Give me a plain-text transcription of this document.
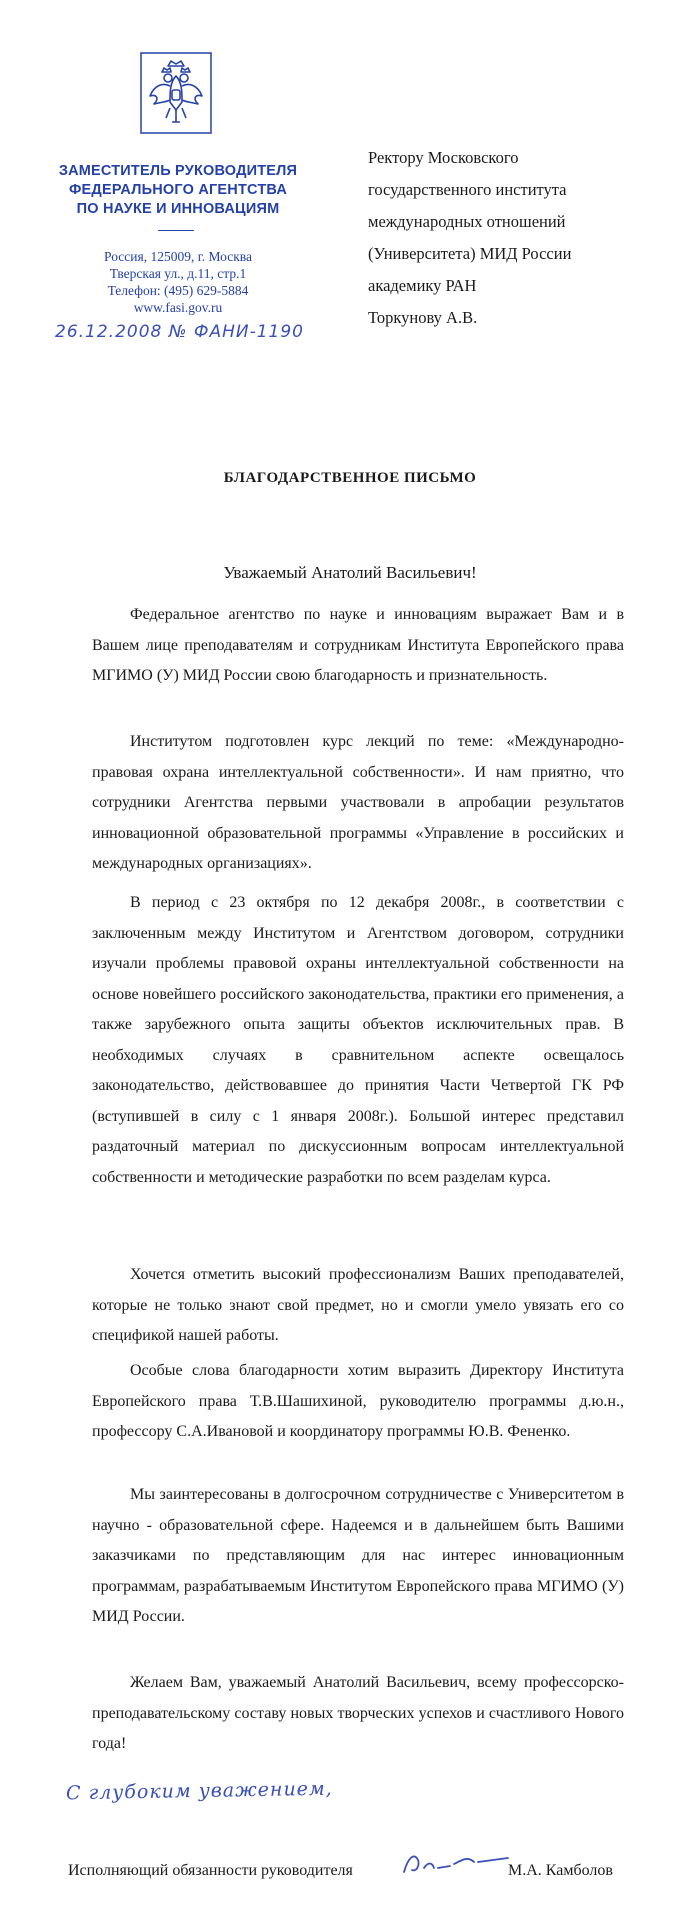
ЗАМЕСТИТЕЛЬ РУКОВОДИТЕЛЯ
ФЕДЕРАЛЬНОГО АГЕНТСТВА
ПО НАУКЕ И ИННОВАЦИЯМ
Россия, 125009, г. Москва
Тверская ул., д.11, стр.1
Телефон: (495) 629-5884
www.fasi.gov.ru
26.12.2008 № ФАНИ-1190
Ректору Московского
государственного института
международных отношений
(Университета) МИД России
академику РАН
Торкунову А.В.
БЛАГОДАРСТВЕННОЕ ПИСЬМО
Уважаемый Анатолий Васильевич!

Федеральное агентство по науке и инновациям выражает Вам и в Вашем лице преподавателям и сотрудникам Института Европейского права МГИМО (У) МИД России свою благодарность и признательность.

Институтом подготовлен курс лекций по теме: «Международно-правовая охрана интеллектуальной собственности». И нам приятно, что сотрудники Агентства первыми участвовали в апробации результатов инновационной образовательной программы «Управление в российских и международных организациях».

В период с 23 октября по 12 декабря 2008г., в соответствии с заключенным между Институтом и Агентством договором, сотрудники изучали проблемы правовой охраны интеллектуальной собственности на основе новейшего российского законодательства, практики его применения, а также зарубежного опыта защиты объектов исключительных прав. В необходимых случаях в сравнительном аспекте освещалось законодательство, действовавшее до принятия Части Четвертой ГК РФ (вступившей в силу с 1 января 2008г.). Большой интерес представил раздаточный материал по дискуссионным вопросам интеллектуальной собственности и методические разработки по всем разделам курса.

Хочется отметить высокий профессионализм Ваших преподавателей, которые не только знают свой предмет, но и смогли умело увязать его со спецификой нашей работы.

Особые слова благодарности хотим выразить Директору Института Европейского права Т.В.Шашихиной, руководителю программы д.ю.н., профессору С.А.Ивановой и координатору программы Ю.В. Фененко.

Мы заинтересованы в долгосрочном сотрудничестве с Университетом в научно - образовательной сфере. Надеемся и в дальнейшем быть Вашими заказчиками по представляющим для нас интерес инновационным программам, разрабатываемым Институтом Европейского права МГИМО (У) МИД России.

Желаем Вам, уважаемый Анатолий Васильевич, всему профессорско-преподавательскому составу новых творческих успехов и счастливого Нового года!

С глубоким уважением,
Исполняющий обязанности руководителя	М.А. Камболов
